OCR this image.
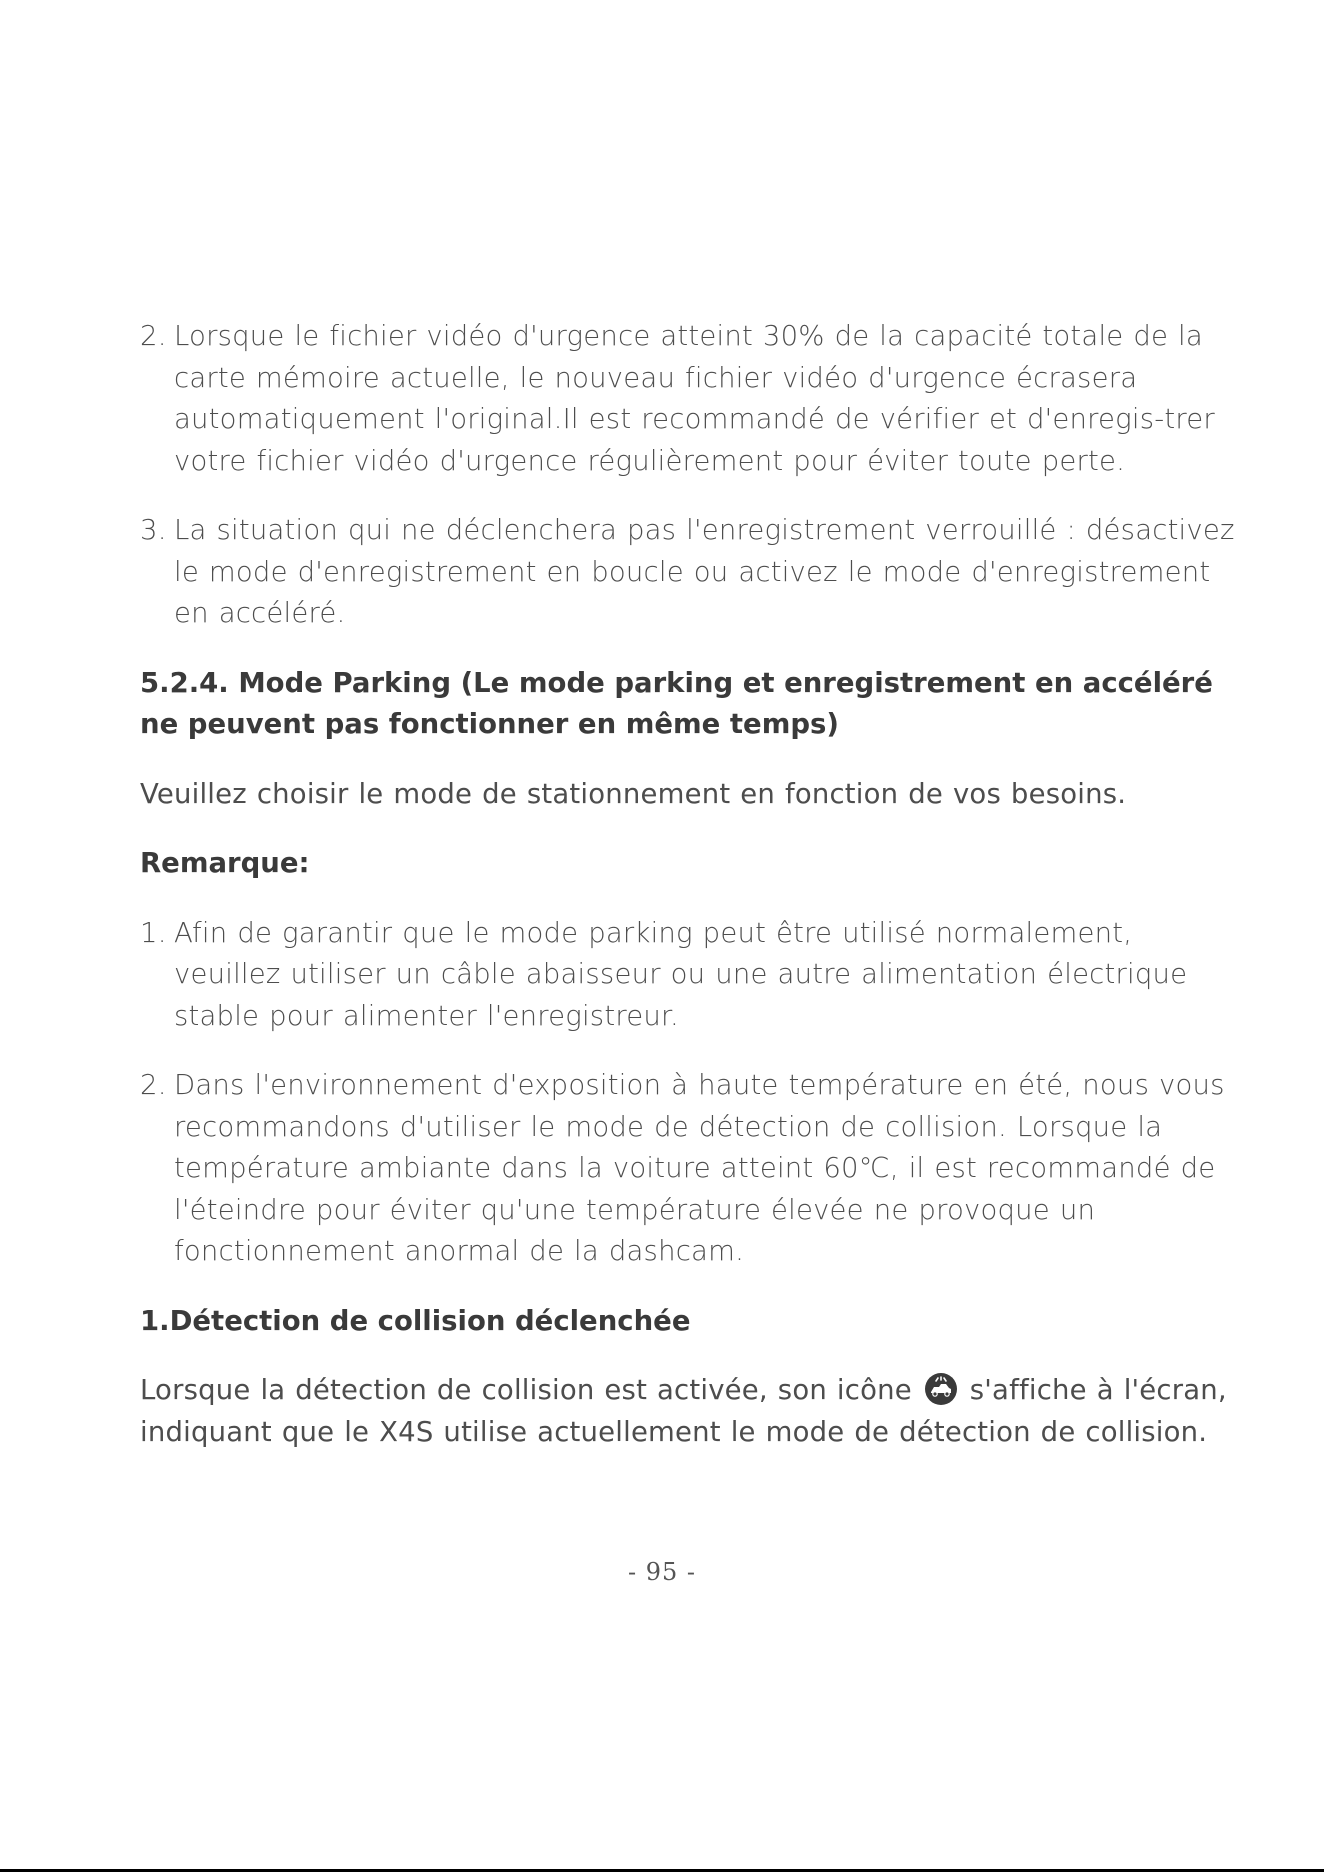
2. Lorsque le fichier vidéo d'urgence atteint 30% de la capacité totale de la carte mémoire actuelle, le nouveau fichier vidéo d'urgence écrasera automatiquement l'original.Il est recommandé de vérifier et d'enregis-trer votre fichier vidéo d'urgence régulièrement pour éviter toute perte.
3. La situation qui ne déclenchera pas l'enregistrement verrouillé : désactivez le mode d'enregistrement en boucle ou activez le mode d'enregistrement en accéléré.
5.2.4. Mode Parking (Le mode parking et enregistrement en accéléré ne peuvent pas fonctionner en même temps)
Veuillez choisir le mode de stationnement en fonction de vos besoins.
Remarque:
1. Afin de garantir que le mode parking peut être utilisé normalement, veuillez utiliser un câble abaisseur ou une autre alimentation électrique stable pour alimenter l'enregistreur.
2. Dans l'environnement d'exposition à haute température en été, nous vous recommandons d'utiliser le mode de détection de collision. Lorsque la température ambiante dans la voiture atteint 60℃, il est recommandé de l'éteindre pour éviter qu'une température élevée ne provoque un fonctionnement anormal de la dashcam.
1.Détection de collision déclenchée
Lorsque la détection de collision est activée, son icône s'affiche à l'écran, indiquant que le X4S utilise actuellement le mode de détection de collision.
- 95 -
